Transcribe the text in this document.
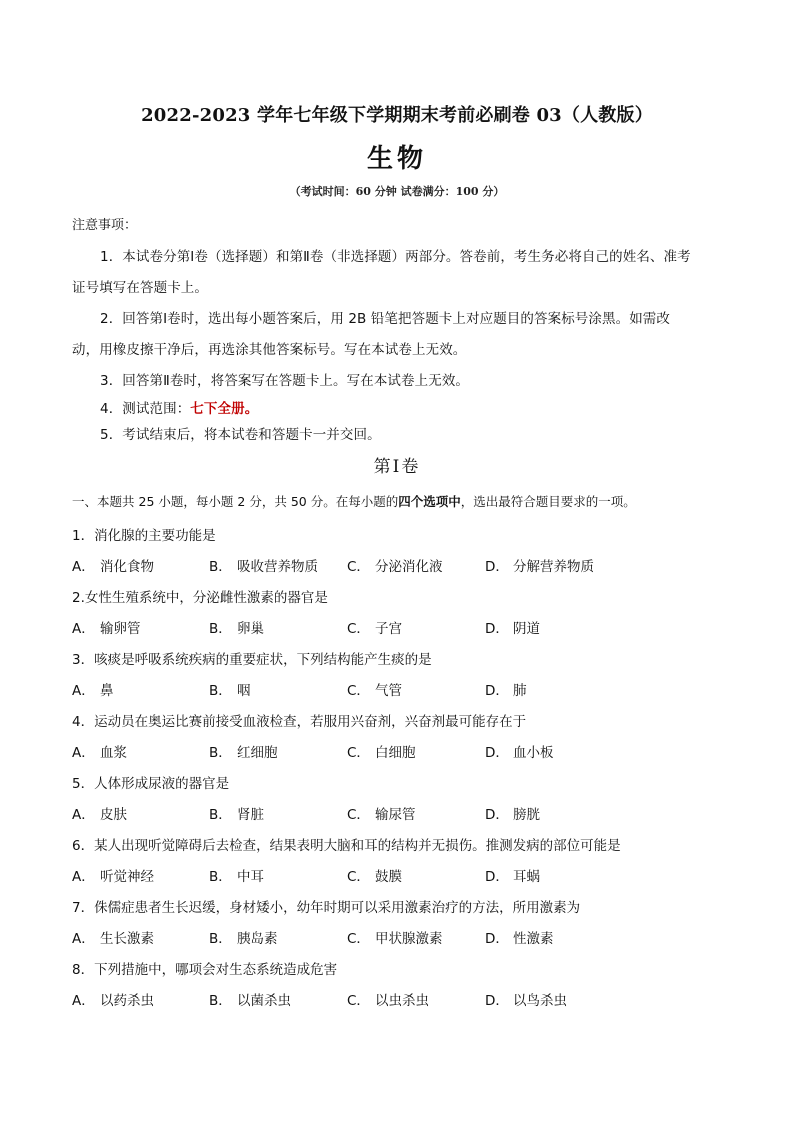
2022-2023 学年七年级下学期期末考前必刷卷 03（人教版）
生物
（考试时间：60 分钟 试卷满分：100 分）
注意事项：
1．本试卷分第Ⅰ卷（选择题）和第Ⅱ卷（非选择题）两部分。答卷前，考生务必将自己的姓名、准考证号填写在答题卡上。
2．回答第Ⅰ卷时，选出每小题答案后，用 2B 铅笔把答题卡上对应题目的答案标号涂黑。如需改动，用橡皮擦干净后，再选涂其他答案标号。写在本试卷上无效。
3．回答第Ⅱ卷时，将答案写在答题卡上。写在本试卷上无效。
4．测试范围：七下全册。
5．考试结束后，将本试卷和答题卡一并交回。
第Ⅰ卷
一、本题共 25 小题，每小题 2 分，共 50 分。在每小题的四个选项中，选出最符合题目要求的一项。
1．消化腺的主要功能是
A． 消化食物	B． 吸收营养物质 C． 分泌消化液	D． 分解营养物质
2.女性生殖系统中，分泌雌性激素的器官是
A． 输卵管	B． 卵巢	C． 子宫	D． 阴道
3．咳痰是呼吸系统疾病的重要症状，下列结构能产生痰的是
A． 鼻	B． 咽	C． 气管	D． 肺
4．运动员在奥运比赛前接受血液检查，若服用兴奋剂，兴奋剂最可能存在于
A． 血浆	B． 红细胞	C． 白细胞	D． 血小板
5．人体形成尿液的器官是
A． 皮肤	B． 肾脏	C． 输尿管	D． 膀胱
6．某人出现听觉障碍后去检查，结果表明大脑和耳的结构并无损伤。推测发病的部位可能是
A． 听觉神经	B． 中耳	C． 鼓膜	D． 耳蜗
7．侏儒症患者生长迟缓，身材矮小，幼年时期可以采用激素治疗的方法，所用激素为
A． 生长激素	B． 胰岛素	C． 甲状腺激素	D． 性激素
8．下列措施中，哪项会对生态系统造成危害
A． 以药杀虫	B． 以菌杀虫	C． 以虫杀虫	D． 以鸟杀虫
